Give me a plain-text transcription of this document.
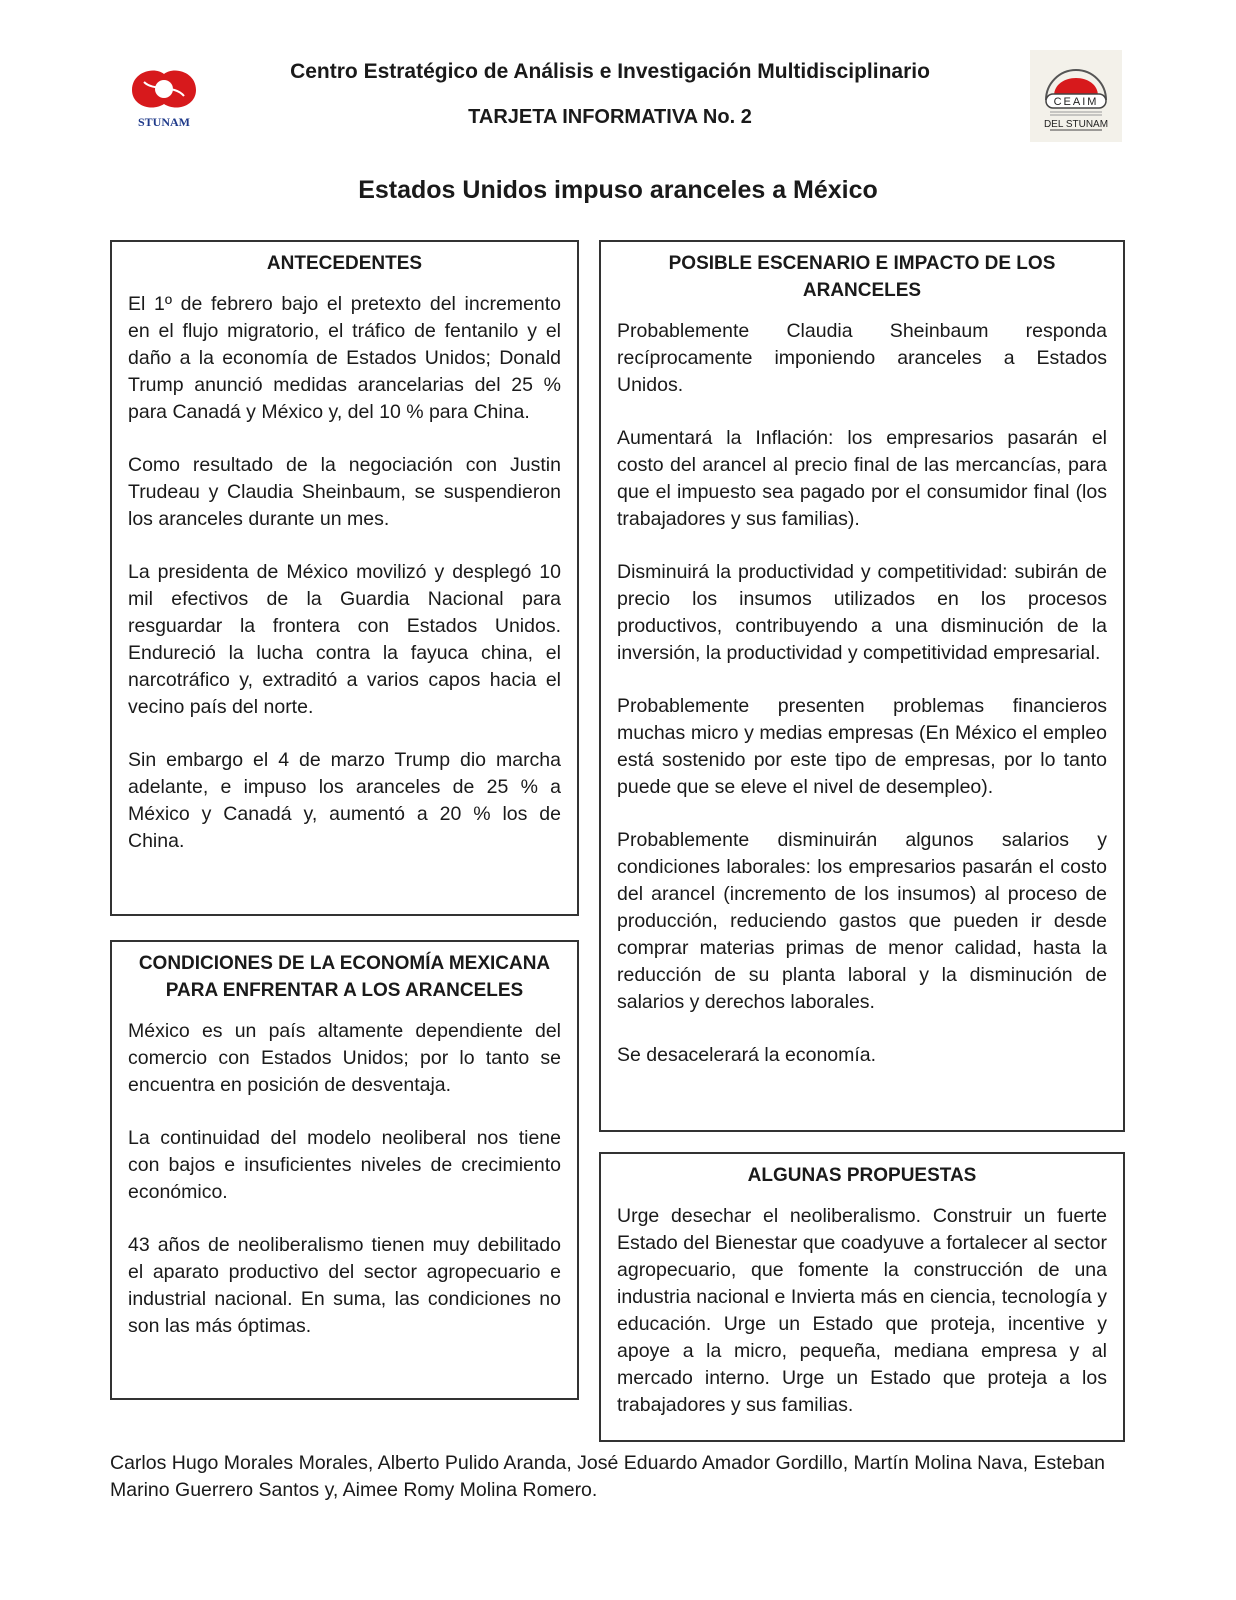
STUNAM
CEAIM
DEL STUNAM
Centro Estratégico de Análisis e Investigación Multidisciplinario
TARJETA INFORMATIVA No. 2
Estados Unidos impuso aranceles a México
ANTECEDENTES

El 1º de febrero bajo el pretexto del incremento en el flujo migratorio, el tráfico de fentanilo y el daño a la economía de Estados Unidos; Donald Trump anunció medidas arancelarias del 25 % para Canadá y México y, del 10 % para China.

Como resultado de la negociación con Justin Trudeau y Claudia Sheinbaum, se suspendieron los aranceles durante un mes.

La presidenta de México movilizó y desplegó 10 mil efectivos de la Guardia Nacional para resguardar la frontera con Estados Unidos. Endureció la lucha contra la fayuca china, el narcotráfico y, extraditó a varios capos hacia el vecino país del norte.

Sin embargo el 4 de marzo Trump dio marcha adelante, e impuso los aranceles de 25 % a México y Canadá y, aumentó a 20 % los de China.

CONDICIONES DE LA ECONOMÍA MEXICANA PARA ENFRENTAR A LOS ARANCELES

México es un país altamente dependiente del comercio con Estados Unidos; por lo tanto se encuentra en posición de desventaja.

La continuidad del modelo neoliberal nos tiene con bajos e insuficientes niveles de crecimiento económico.

43 años de neoliberalismo tienen muy debilitado el aparato productivo del sector agropecuario e industrial nacional. En suma, las condiciones no son las más óptimas.

POSIBLE ESCENARIO E IMPACTO DE LOS ARANCELES

Probablemente Claudia Sheinbaum responda recíprocamente imponiendo aranceles a Estados Unidos.

Aumentará la Inflación: los empresarios pasarán el costo del arancel al precio final de las mercancías, para que el impuesto sea pagado por el consumidor final (los trabajadores y sus familias).

Disminuirá la productividad y competitividad: subirán de precio los insumos utilizados en los procesos productivos, contribuyendo a una disminución de la inversión, la productividad y competitividad empresarial.

Probablemente presenten problemas financieros muchas micro y medias empresas (En México el empleo está sostenido por este tipo de empresas, por lo tanto puede que se eleve el nivel de desempleo).

Probablemente disminuirán algunos salarios y condiciones laborales: los empresarios pasarán el costo del arancel (incremento de los insumos) al proceso de producción, reduciendo gastos que pueden ir desde comprar materias primas de menor calidad, hasta la reducción de su planta laboral y la disminución de salarios y derechos laborales.

Se desacelerará la economía.

ALGUNAS PROPUESTAS

Urge desechar el neoliberalismo. Construir un fuerte Estado del Bienestar que coadyuve a fortalecer al sector agropecuario, que fomente la construcción de una industria nacional e Invierta más en ciencia, tecnología y educación. Urge un Estado que proteja, incentive y apoye a la micro, pequeña, mediana empresa y al mercado interno. Urge un Estado que proteja a los trabajadores y sus familias.

Carlos Hugo Morales Morales, Alberto Pulido Aranda, José Eduardo Amador Gordillo, Martín Molina Nava, Esteban Marino Guerrero Santos y, Aimee Romy Molina Romero.
